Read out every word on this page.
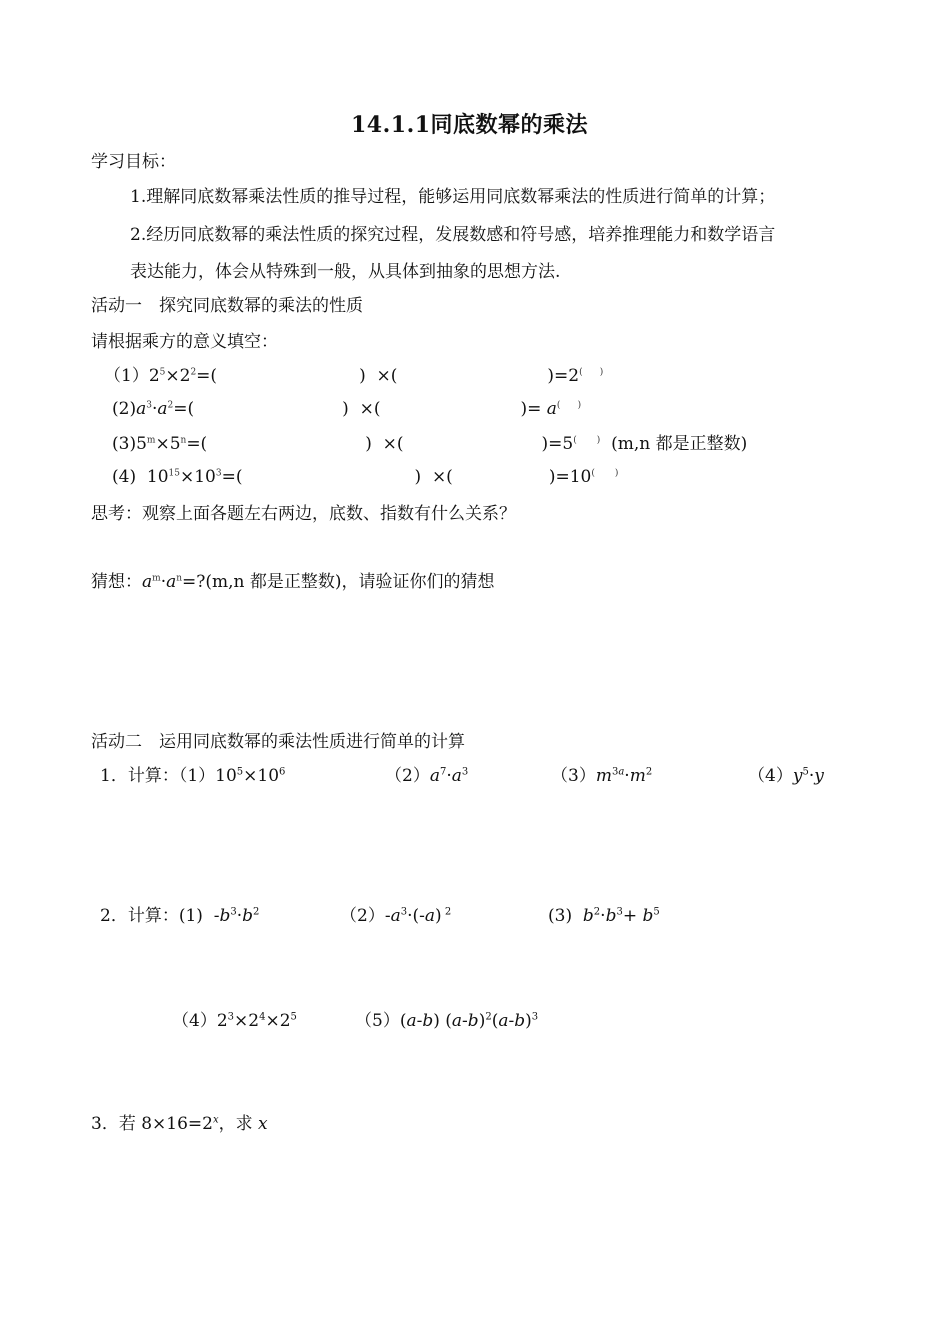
14.1.1同底数幂的乘法
学习目标：
1.理解同底数幂乘法性质的推导过程，能够运用同底数幂乘法的性质进行简单的计算；
2.经历同底数幂的乘法性质的探究过程，发展数感和符号感，培养推理能力和数学语言
表达能力，体会从特殊到一般，从具体到抽象的思想方法.
活动一　探究同底数幂的乘法的性质
请根据乘方的意义填空：
$(1)2^5\times 2^2=$(	)  ×(	)=2(      )
$(2)a^3\cdot a^2=$(	)  ×(	)= a(      )
$(3)5^m\times 5^n=$(	)  ×(	)=5(       ) (m,n 都是正整数)
(4)  $10^{15}\times 10^3=$(	)  ×(	)=10(       )
思考：观察上面各题左右两边，底数、指数有什么关系？
猜想：$a^m\cdot a^n=?(m,n$ 都是正整数)，请验证你们的猜想
活动二　运用同底数幂的乘法性质进行简单的计算
1．计算：$(1)10^5\times 10^6$	$(2)a^7\cdot a^3$	$(3)m^{3a}\cdot m^2$	$(4)y^5\cdot y$
2．计算：(1)  $-b^3\cdot b^2$	$(2)-a^3\cdot(-a)$ $^2$	(3)  $b^2\cdot b^3+ b^5$
$(4)2^3\times 2^4\times 2^5$	（5）(a-b) $(a-b)^2(a-b)^3$
3．若 $8\times 16=2^x$，求 x
